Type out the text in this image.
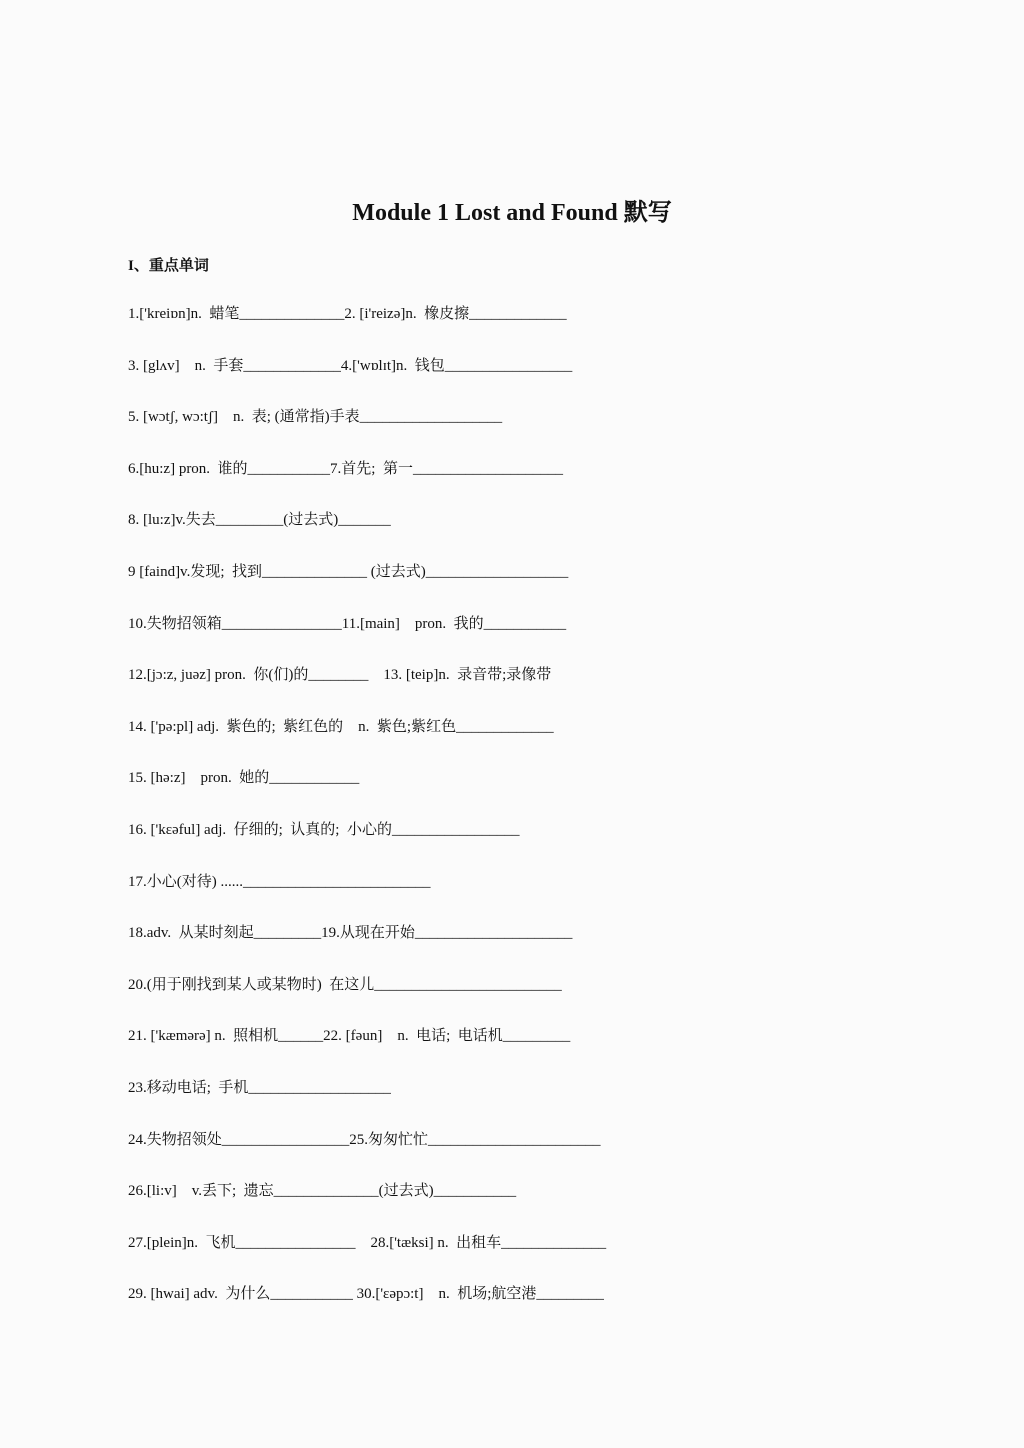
Module 1 Lost and Found 默写
I、重点单词
1.['kreiɒn]n.  蜡笔______________2. [i'reizə]n.  橡皮擦_____________
3. [glʌv]    n.  手套_____________4.['wɒlɪt]n.  钱包_________________
5. [wɔtʃ, wɔ:tʃ]    n.  表; (通常指)手表___________________
6.[hu:z] pron.  谁的___________7.首先;  第一____________________
8. [lu:z]v.失去_________(过去式)_______
9 [faind]v.发现;  找到______________ (过去式)___________________
10.失物招领箱________________11.[main]    pron.  我的___________
12.[jɔ:z, juəz] pron.  你(们)的________    13. [teip]n.  录音带;录像带
14. ['pə:pl] adj.  紫色的;  紫红色的    n.  紫色;紫红色_____________
15. [hə:z]    pron.  她的____________
16. ['kɛəful] adj.  仔细的;  认真的;  小心的_________________
17.小心(对待) ......_________________________
18.adv.  从某时刻起_________19.从现在开始_____________________
20.(用于刚找到某人或某物时)  在这儿_________________________
21. ['kæmərə] n.  照相机______22. [fəun]    n.  电话;  电话机_________
23.移动电话;  手机___________________
24.失物招领处_________________25.匆匆忙忙_______________________
26.[li:v]    v.丢下;  遗忘______________(过去式)___________
27.[plein]n.  飞机________________    28.['tæksi] n.  出租车______________
29. [hwai] adv.  为什么___________ 30.['ɛəpɔ:t]    n.  机场;航空港_________
